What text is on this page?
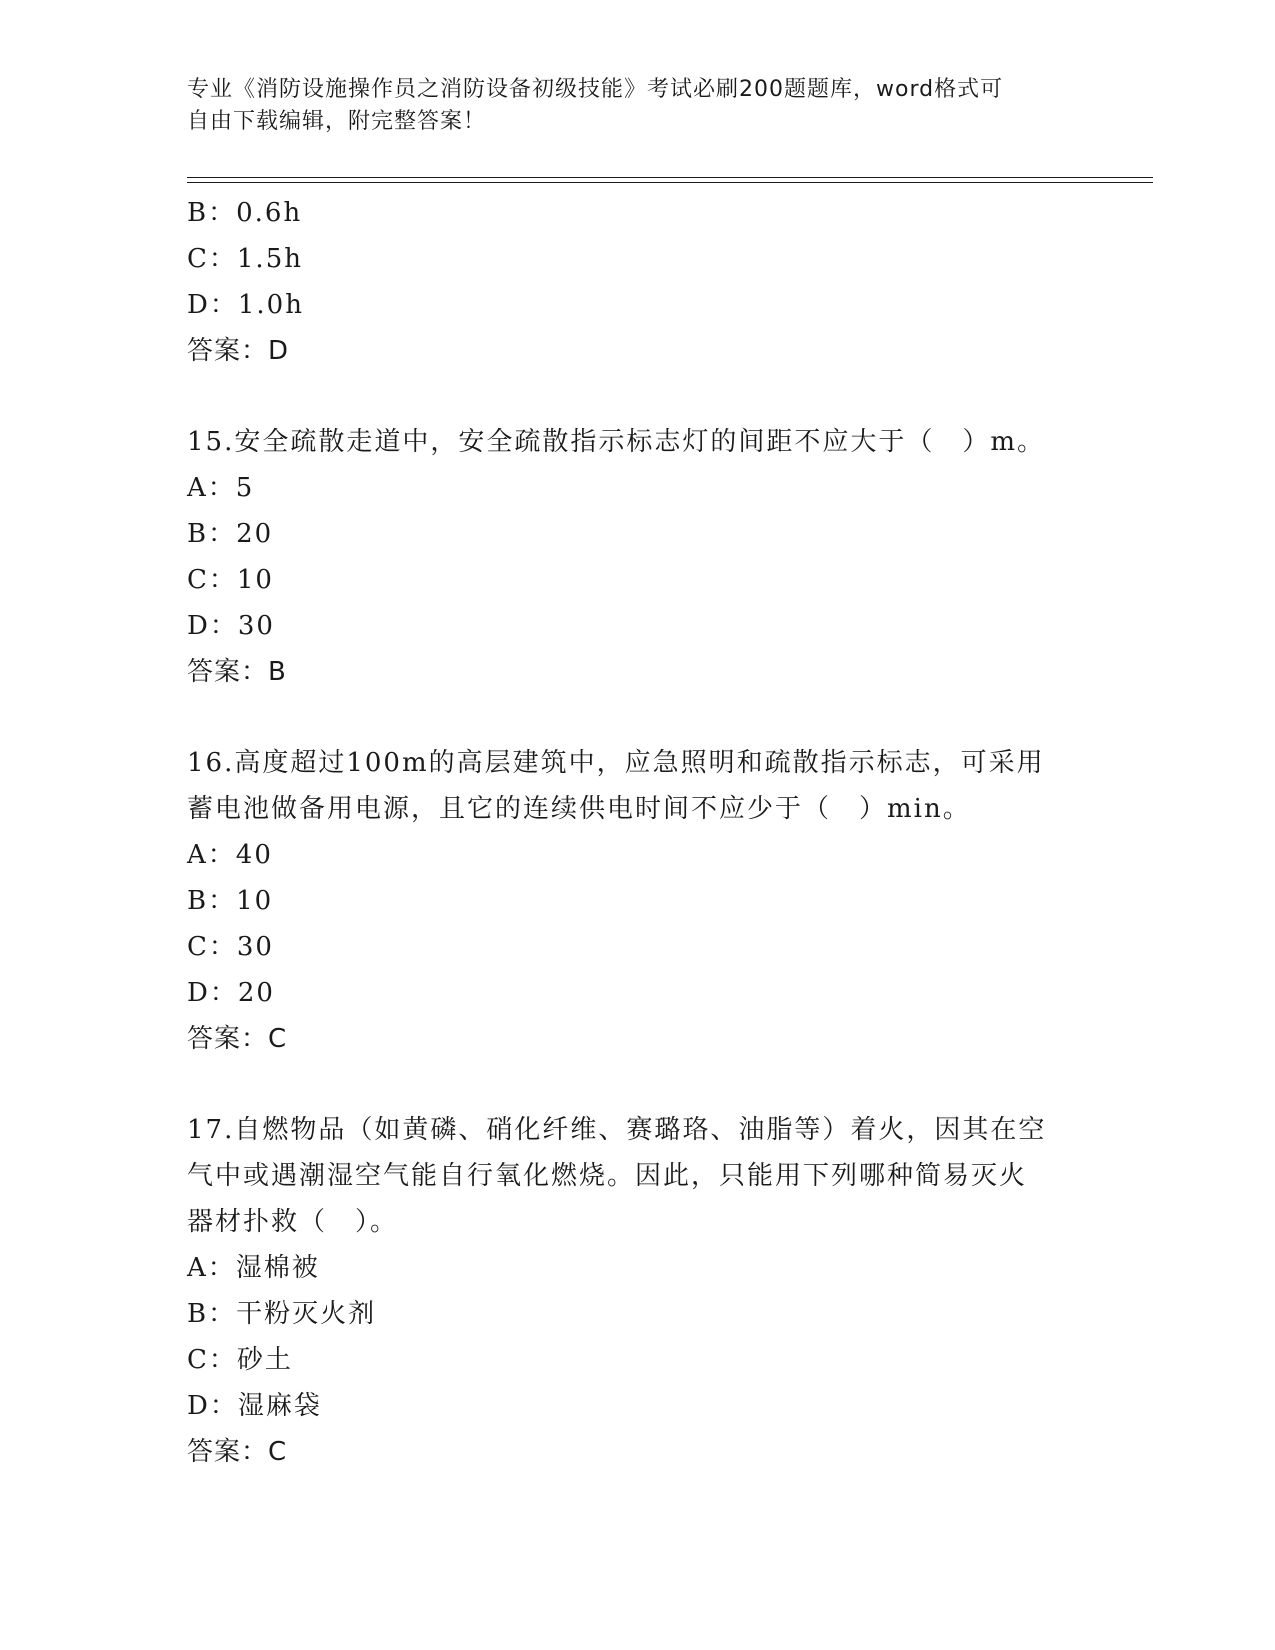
专业《消防设施操作员之消防设备初级技能》考试必刷200题题库，word格式可
自由下载编辑，附完整答案！
B：0.6h
C：1.5h
D：1.0h
答案：D
15.安全疏散走道中，安全疏散指示标志灯的间距不应大于（　）m。
A：5
B：20
C：10
D：30
答案：B
16.高度超过100m的高层建筑中，应急照明和疏散指示标志，可采用
蓄电池做备用电源，且它的连续供电时间不应少于（　）min。
A：40
B：10
C：30
D：20
答案：C
17.自燃物品（如黄磷、硝化纤维、赛璐珞、油脂等）着火，因其在空
气中或遇潮湿空气能自行氧化燃烧。因此，只能用下列哪种简易灭火
器材扑救（　）。
A：湿棉被
B：干粉灭火剂
C：砂土
D：湿麻袋
答案：C
